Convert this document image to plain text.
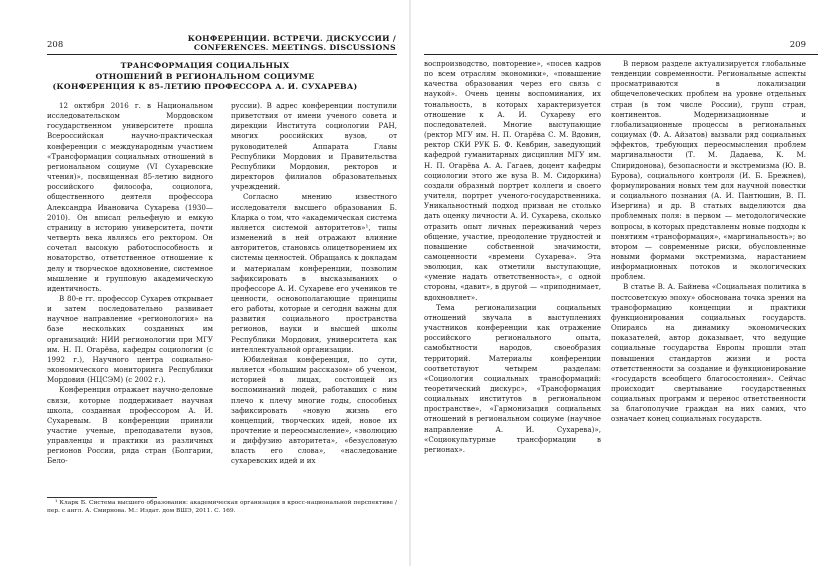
208
КОНФЕРЕНЦИИ. ВСТРЕЧИ. ДИСКУССИИ /
CONFERENCES. MEETINGS. DISCUSSIONS
ТРАНСФОРМАЦИЯ СОЦИАЛЬНЫХ
ОТНОШЕНИЙ В РЕГИОНАЛЬНОМ СОЦИУМЕ
(КОНФЕРЕНЦИЯ К 85-ЛЕТИЮ ПРОФЕССОРА А. И. СУХАРЕВА)

12 октября 2016 г. в Национальном исследовательском Мордовском государственном университете прошла Всероссийская научно-практическая конференция с международным участием «Трансформация социальных отношений в региональном социуме (VI Сухаревские чтения)», посвященная 85-летию видного российского философа, социолога, общественного деятеля профессора Александра Ивановича Сухарева (1930—2010). Он вписал рельефную и емкую страницу в историю университета, почти четверть века являясь его ректором. Он сочетал высокую работоспособность и новаторство, ответственное отношение к делу и творческое вдохновение, системное мышление и групповую академическую идентичность.

В 80-е гг. профессор Сухарев открывает и затем последовательно развивает научное направление «регионология» на базе нескольких созданных им организаций: НИИ регионологии при МГУ им. Н. П. Огарёва, кафедры социологии (с 1992 г.), Научного центра социально-экономического мониторинга Республики Мордовия (НЦСЭМ) (с 2002 г.).

Конференция отражает научно-деловые связи, которые поддерживает научная школа, созданная профессором А. И. Сухаревым. В конференции приняли участие ученые, преподаватели вузов, управленцы и практики из различных регионов России, ряда стран (Болгарии, Бело-

руссии). В адрес конференции поступили приветствия от имени ученого совета и дирекции Института социологии РАН, многих российских вузов, от руководителей Аппарата Главы Республики Мордовия и Правительства Республики Мордовия, ректоров и директоров филиалов образовательных учреждений.

Согласно мнению известного исследователя высшего образования Б. Кларка о том, что «академическая система является системой авторитетов»¹, типы изменений в ней отражают влияние авторитетов, становясь олицетворением их системы ценностей. Обращаясь к докладам и материалам конференции, позволим зафиксировать в высказываниях о профессоре А. И. Сухареве его учеников те ценности, основополагающие принципы его работы, которые и сегодня важны для развития социального пространства регионов, науки и высшей школы Республики Мордовия, университета как интеллектуальной организации.

Юбилейная конференция, по сути, является «большим рассказом» об ученом, историей в лицах, состоящей из воспоминаний людей, работавших с ним плечо к плечу многие годы, способных зафиксировать «новую жизнь его концепций, творческих идей, новое их прочтение и переосмысление», «эволюцию и диффузию авторитета», «безусловную власть его слова», «наследование сухаревских идей и их

¹ Кларк Б. Система высшего образования: академическая организация в кросс-национальной перспективе / пер. с англ. А. Смирнова. М.: Издат. дом ВШЭ, 2011. С. 169.
209

воспроизводство, повторение», «посев кадров по всем отраслям экономики», «повышение качества образования через его связь с наукой». Очень ценны воспоминания, их тональность, в которых характеризуется отношение к А. И. Сухареву его последователей. Многие выступающие (ректор МГУ им. Н. П. Огарёва С. М. Вдовин, ректор СКИ РУК Б. Ф. Кевбрин, заведующий кафедрой гуманитарных дисциплин МГУ им. Н. П. Огарёва А. А. Гагаев, доцент кафедры социологии этого же вуза В. М. Сидоркина) создали образный портрет коллеги и своего учителя, портрет ученого-государственника. Уникальностный подход призван не столько дать оценку личности А. И. Сухарева, сколько отразить опыт личных переживаний через общение, участие, преодоление трудностей и повышение собственной значимости, самоценности «времени Сухарева». Эта эволюция, как отметили выступающие, «умение надать ответственность», с одной стороны, «давит», в другой — «приподнимает, вдохновляет».

Тема регионализации социальных отношений звучала в выступлениях участников конференции как отражение российского регионального опыта, самобытности народов, своеобразия территорий. Материалы конференции соответствуют четырем разделам: «Социология социальных трансформаций: теоретический дискурс», «Трансформация социальных институтов в региональном пространстве», «Гармонизация социальных отношений в региональном социуме (научное направление А. И. Сухарева)», «Социокультурные трансформации в регионах».

В первом разделе актуализируется глобальные тенденции современности. Региональные аспекты просматриваются в локализации общечеловеческих проблем на уровне отдельных стран (в том числе России), групп стран, континентов. Модернизационные и глобализационные процессы в региональных социумах (Ф. А. Айзатов) вызвали ряд социальных эффектов, требующих переосмысления проблем маргинальности (Т. М. Дадаева, К. М. Спиридонова), безопасности и экстремизма (Ю. В. Бурова), социального контроля (И. Б. Брежнев), формулирования новых тем для научной повестки и социального познания (А. И. Пантюшин, В. П. Изергина) и др. В статьях выделяются два проблемных поля: в первом — методологические вопросы, в которых представлены новые подходы к понятиям «трансформация», «маргинальность»; во втором — современные риски, обусловленные новыми формами экстремизма, нарастанием информационных потоков и экологических проблем.

В статье В. А. Байнева «Социальная политика в постсоветскую эпоху» обоснована точка зрения на трансформацию концепции и практики функционирования социальных государств. Опираясь на динамику экономических показателей, автор доказывает, что ведущие социальные государства Европы прошли этап повышения стандартов жизни и роста ответственности за создание и функционирование «государств всеобщего благосостояния». Сейчас происходит свертывание государственных социальных программ и перенос ответственности за благополучие граждан на них самих, что означает конец социальных государств.
